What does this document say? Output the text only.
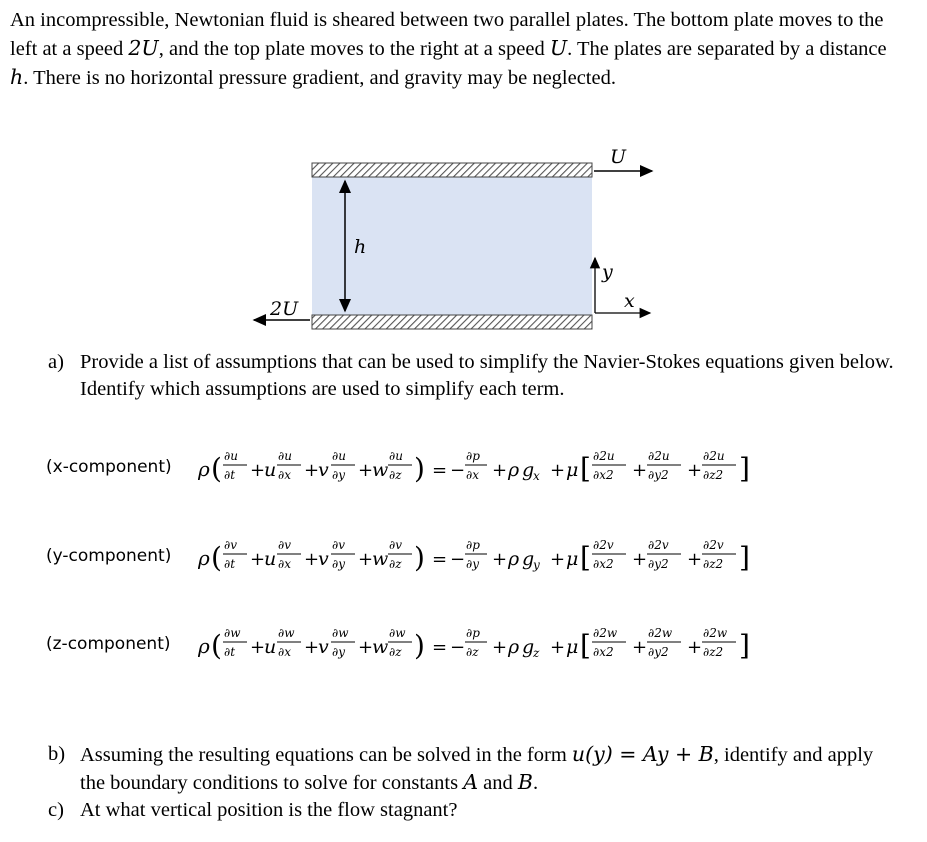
An incompressible, Newtonian fluid is sheared between two parallel plates. The bottom plate moves to the left at a speed 2U, and the top plate moves to the right at a speed U. The plates are separated by a distance h. There is no horizontal pressure gradient, and gravity may be neglected.
U
2U
h
y
x
a) Provide a list of assumptions that can be used to simplify the Navier-Stokes equations given below. Identify which assumptions are used to simplify each term.
(x-component)
(y-component)
(z-component)
ρ ( ∂u
∂t +
u
∂u
∂x +
v
∂u
∂y +
w
∂u
∂z ) = −
∂p
∂x + ρ g
x + μ [ ∂2u
∂x2 +
∂2u
∂y2 +
∂2u
∂z2 ]
ρ ( ∂v
∂t +
u
∂v
∂x +
v
∂v
∂y +
w
∂v
∂z ) = −
∂p
∂y + ρ g
y + μ [ ∂2v
∂x2 +
∂2v
∂y2 +
∂2v
∂z2 ]
ρ ( ∂w
∂t +
u
∂w
∂x +
v
∂w
∂y +
w
∂w
∂z ) = −
∂p
∂z + ρ g
z + μ [ ∂2w
∂x2 +
∂2w
∂y2 +
∂2w
∂z2 ]
b) Assuming the resulting equations can be solved in the form u(y) = Ay + B, identify and apply the boundary conditions to solve for constants A and B.
c) At what vertical position is the flow stagnant?
